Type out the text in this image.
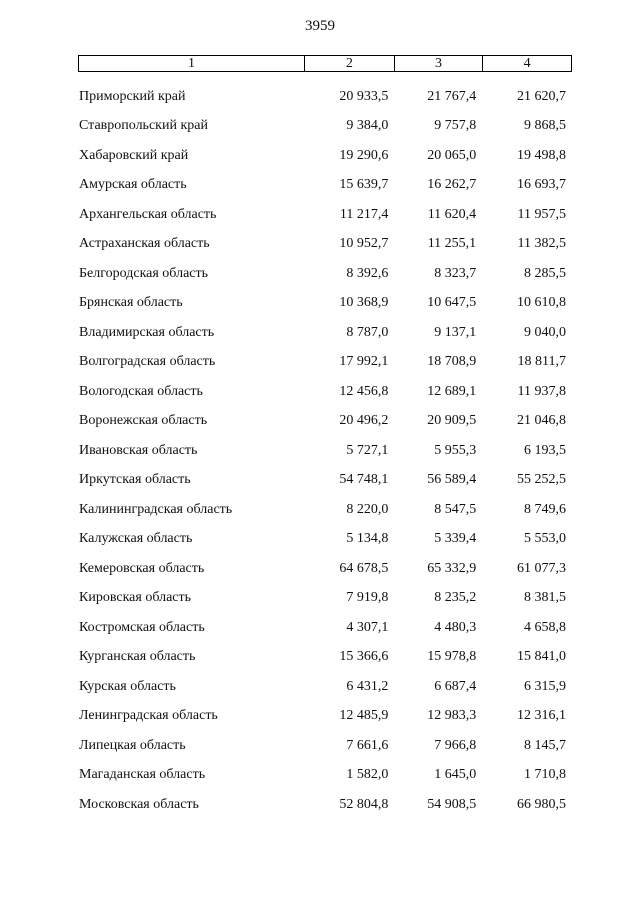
3959
1	2	3	4
Приморский край	20 933,5	21 767,4	21 620,7
Ставропольский край	9 384,0	9 757,8	9 868,5
Хабаровский край	19 290,6	20 065,0	19 498,8
Амурская область	15 639,7	16 262,7	16 693,7
Архангельская область	11 217,4	11 620,4	11 957,5
Астраханская область	10 952,7	11 255,1	11 382,5
Белгородская область	8 392,6	8 323,7	8 285,5
Брянская область	10 368,9	10 647,5	10 610,8
Владимирская область	8 787,0	9 137,1	9 040,0
Волгоградская область	17 992,1	18 708,9	18 811,7
Вологодская область	12 456,8	12 689,1	11 937,8
Воронежская область	20 496,2	20 909,5	21 046,8
Ивановская область	5 727,1	5 955,3	6 193,5
Иркутская область	54 748,1	56 589,4	55 252,5
Калининградская область	8 220,0	8 547,5	8 749,6
Калужская область	5 134,8	5 339,4	5 553,0
Кемеровская область	64 678,5	65 332,9	61 077,3
Кировская область	7 919,8	8 235,2	8 381,5
Костромская область	4 307,1	4 480,3	4 658,8
Курганская область	15 366,6	15 978,8	15 841,0
Курская область	6 431,2	6 687,4	6 315,9
Ленинградская область	12 485,9	12 983,3	12 316,1
Липецкая область	7 661,6	7 966,8	8 145,7
Магаданская область	1 582,0	1 645,0	1 710,8
Московская область	52 804,8	54 908,5	66 980,5
